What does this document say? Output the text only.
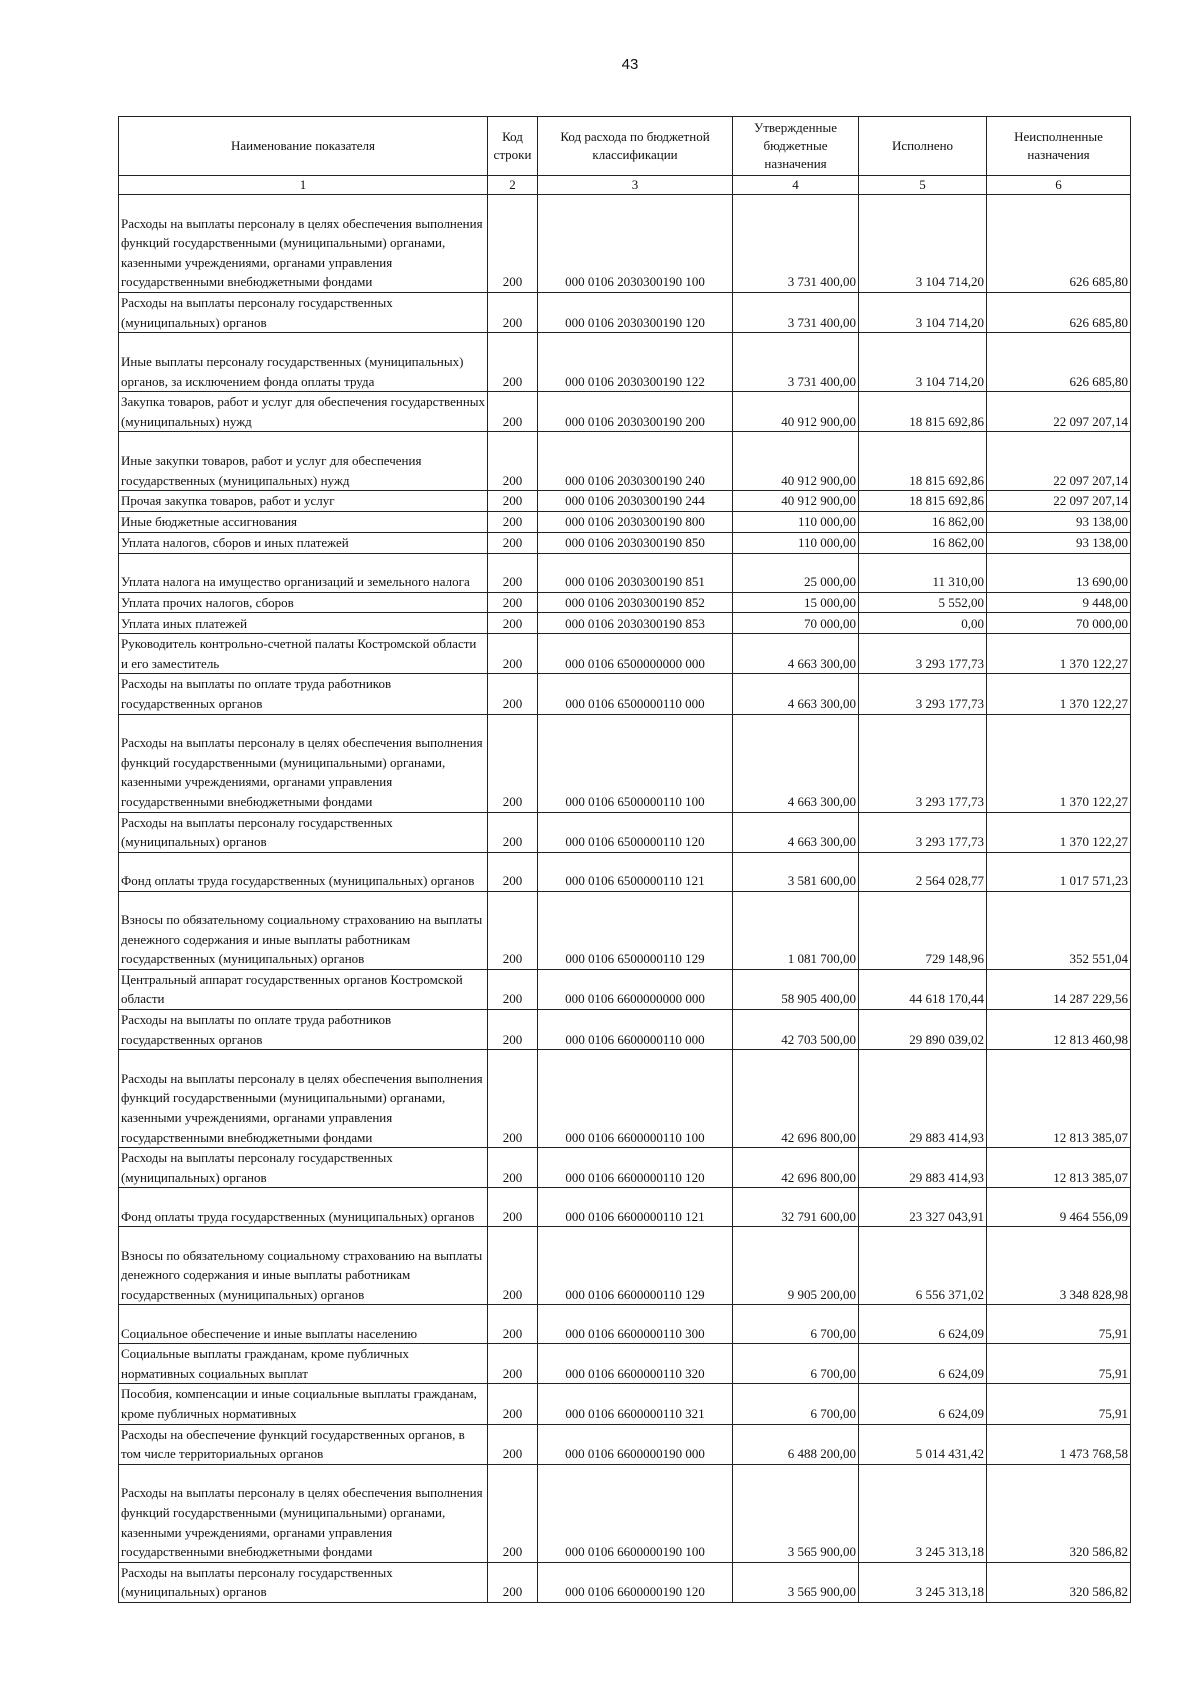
43
Наименование показателя	Код строки	Код расхода по бюджетной классификации	Утвержденные бюджетные назначения	Исполнено	Неисполненные назначения
1	2	3	4	5	6
Расходы на выплаты персоналу в целях обеспечения выполнения функций государственными (муниципальными) органами, казенными учреждениями, органами управления государственными внебюджетными фондами	200	000 0106 2030300190 100	3 731 400,00	3 104 714,20	626 685,80
Расходы на выплаты персоналу государственных (муниципальных) органов	200	000 0106 2030300190 120	3 731 400,00	3 104 714,20	626 685,80
Иные выплаты персоналу государственных (муниципальных) органов, за исключением фонда оплаты труда	200	000 0106 2030300190 122	3 731 400,00	3 104 714,20	626 685,80
Закупка товаров, работ и услуг для обеспечения государственных (муниципальных) нужд	200	000 0106 2030300190 200	40 912 900,00	18 815 692,86	22 097 207,14
Иные закупки товаров, работ и услуг для обеспечения государственных (муниципальных) нужд	200	000 0106 2030300190 240	40 912 900,00	18 815 692,86	22 097 207,14
Прочая закупка товаров, работ и услуг	200	000 0106 2030300190 244	40 912 900,00	18 815 692,86	22 097 207,14
Иные бюджетные ассигнования	200	000 0106 2030300190 800	110 000,00	16 862,00	93 138,00
Уплата налогов, сборов и иных платежей	200	000 0106 2030300190 850	110 000,00	16 862,00	93 138,00
Уплата налога на имущество организаций и земельного налога	200	000 0106 2030300190 851	25 000,00	11 310,00	13 690,00
Уплата прочих налогов, сборов	200	000 0106 2030300190 852	15 000,00	5 552,00	9 448,00
Уплата иных платежей	200	000 0106 2030300190 853	70 000,00	0,00	70 000,00
Руководитель контрольно-счетной палаты Костромской области и его заместитель	200	000 0106 6500000000 000	4 663 300,00	3 293 177,73	1 370 122,27
Расходы на выплаты по оплате труда работников государственных органов	200	000 0106 6500000110 000	4 663 300,00	3 293 177,73	1 370 122,27
Расходы на выплаты персоналу в целях обеспечения выполнения функций государственными (муниципальными) органами, казенными учреждениями, органами управления государственными внебюджетными фондами	200	000 0106 6500000110 100	4 663 300,00	3 293 177,73	1 370 122,27
Расходы на выплаты персоналу государственных (муниципальных) органов	200	000 0106 6500000110 120	4 663 300,00	3 293 177,73	1 370 122,27
Фонд оплаты труда государственных (муниципальных) органов	200	000 0106 6500000110 121	3 581 600,00	2 564 028,77	1 017 571,23
Взносы по обязательному социальному страхованию на выплаты денежного содержания и иные выплаты работникам государственных (муниципальных) органов	200	000 0106 6500000110 129	1 081 700,00	729 148,96	352 551,04
Центральный аппарат государственных органов Костромской области	200	000 0106 6600000000 000	58 905 400,00	44 618 170,44	14 287 229,56
Расходы на выплаты по оплате труда работников государственных органов	200	000 0106 6600000110 000	42 703 500,00	29 890 039,02	12 813 460,98
Расходы на выплаты персоналу в целях обеспечения выполнения функций государственными (муниципальными) органами, казенными учреждениями, органами управления государственными внебюджетными фондами	200	000 0106 6600000110 100	42 696 800,00	29 883 414,93	12 813 385,07
Расходы на выплаты персоналу государственных (муниципальных) органов	200	000 0106 6600000110 120	42 696 800,00	29 883 414,93	12 813 385,07
Фонд оплаты труда государственных (муниципальных) органов	200	000 0106 6600000110 121	32 791 600,00	23 327 043,91	9 464 556,09
Взносы по обязательному социальному страхованию на выплаты денежного содержания и иные выплаты работникам государственных (муниципальных) органов	200	000 0106 6600000110 129	9 905 200,00	6 556 371,02	3 348 828,98
Социальное обеспечение и иные выплаты населению	200	000 0106 6600000110 300	6 700,00	6 624,09	75,91
Социальные выплаты гражданам, кроме публичных нормативных социальных выплат	200	000 0106 6600000110 320	6 700,00	6 624,09	75,91
Пособия, компенсации и иные социальные выплаты гражданам, кроме публичных нормативных	200	000 0106 6600000110 321	6 700,00	6 624,09	75,91
Расходы на обеспечение функций государственных органов, в том числе территориальных органов	200	000 0106 6600000190 000	6 488 200,00	5 014 431,42	1 473 768,58
Расходы на выплаты персоналу в целях обеспечения выполнения функций государственными (муниципальными) органами, казенными учреждениями, органами управления государственными внебюджетными фондами	200	000 0106 6600000190 100	3 565 900,00	3 245 313,18	320 586,82
Расходы на выплаты персоналу государственных (муниципальных) органов	200	000 0106 6600000190 120	3 565 900,00	3 245 313,18	320 586,82
